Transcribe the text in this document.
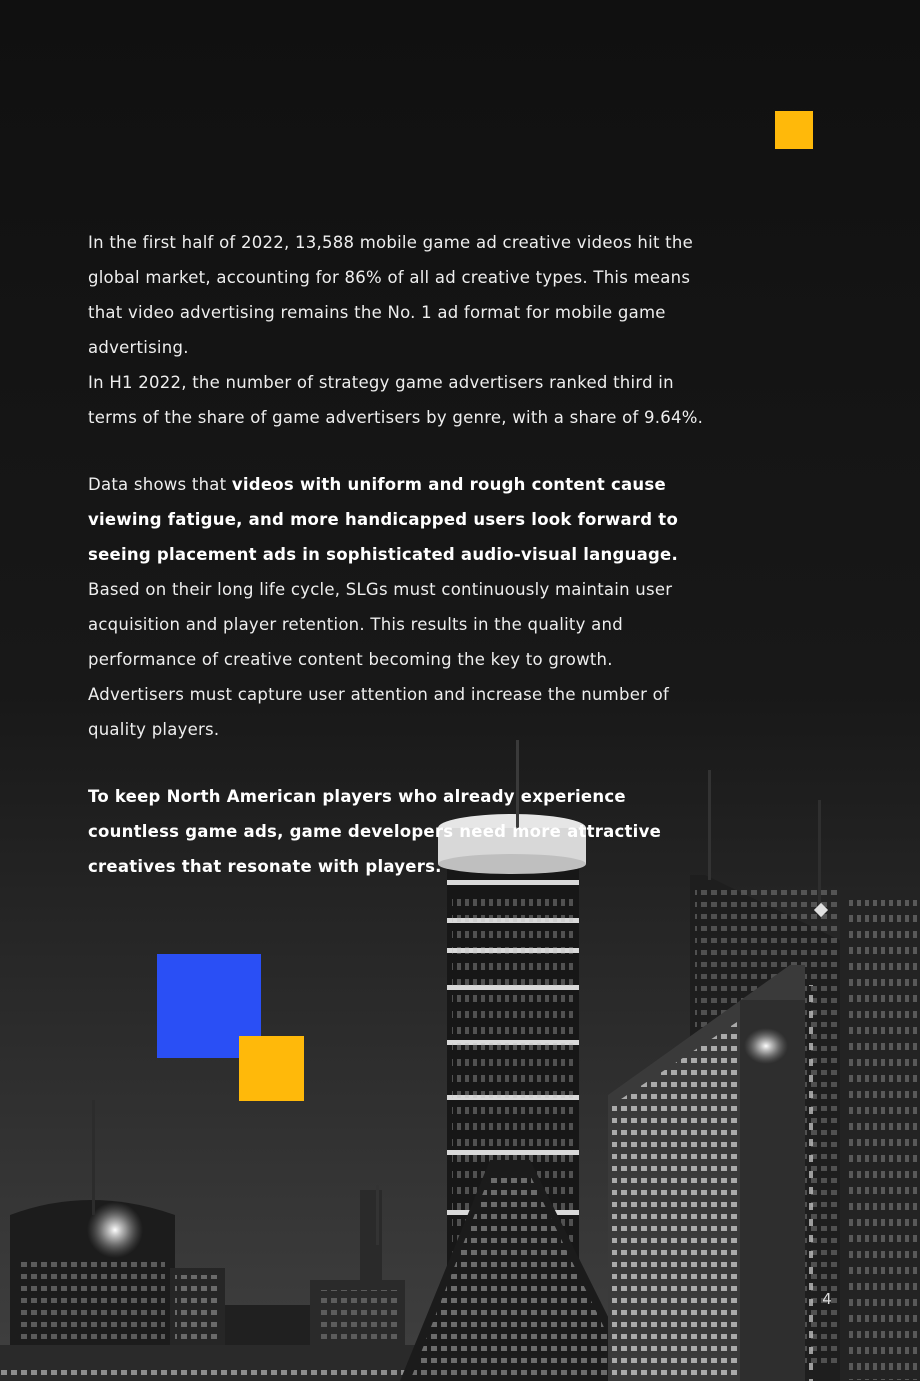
In the first half of 2022, 13,588 mobile game ad creative videos hit the global market, accounting for 86% of all ad creative types. This means that video advertising remains the No. 1 ad format for mobile game advertising.
In H1 2022, the number of strategy game advertisers ranked third in terms of the share of game advertisers by genre, with a share of 9.64%.

Data shows that videos with uniform and rough content cause viewing fatigue, and more handicapped users look forward to seeing placement ads in sophisticated audio-visual language. Based on their long life cycle, SLGs must continuously maintain user acquisition and player retention. This results in the quality and performance of creative content becoming the key to growth. Advertisers must capture user attention and increase the number of quality players.

To keep North American players who already experience countless game ads, game developers need more attractive creatives that resonate with players.

4
